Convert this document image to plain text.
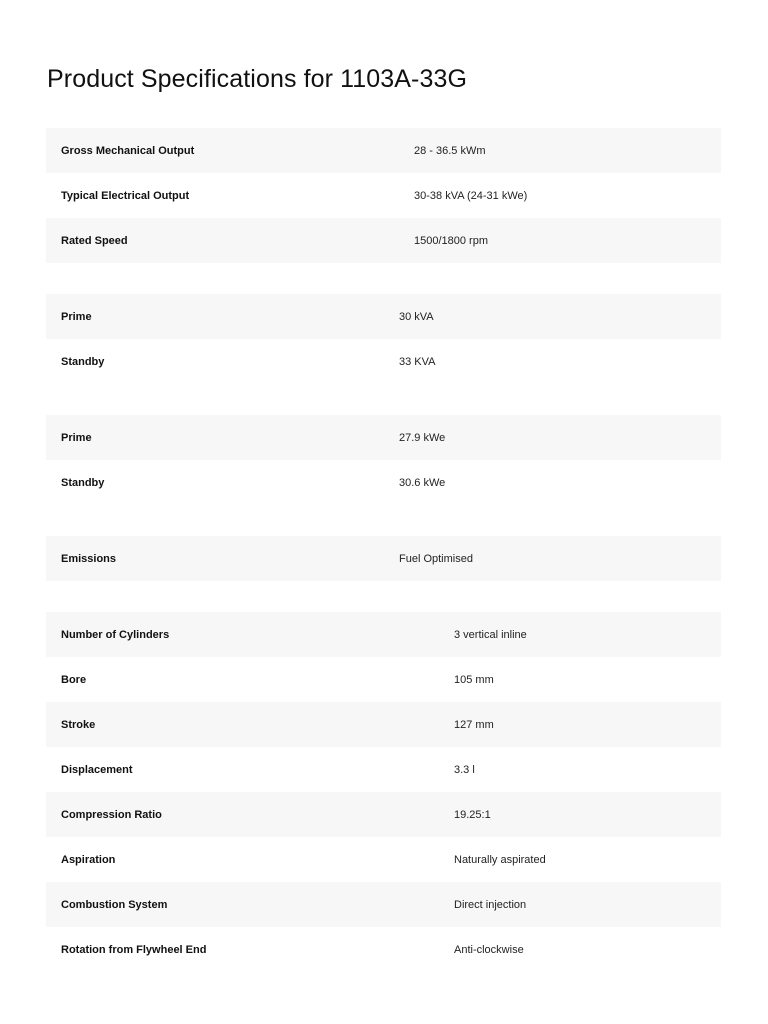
Product Specifications for 1103A-33G
Gross Mechanical Output	28 - 36.5 kWm
Typical Electrical Output	30-38 kVA (24-31 kWe)
Rated Speed	1500/1800 rpm
Prime	30 kVA
Standby	33 KVA
Prime	27.9 kWe
Standby	30.6 kWe
Emissions	Fuel Optimised
Number of Cylinders	3 vertical inline
Bore	105 mm
Stroke	127 mm
Displacement	3.3 l
Compression Ratio	19.25:1
Aspiration	Naturally aspirated
Combustion System	Direct injection
Rotation from Flywheel End	Anti-clockwise
